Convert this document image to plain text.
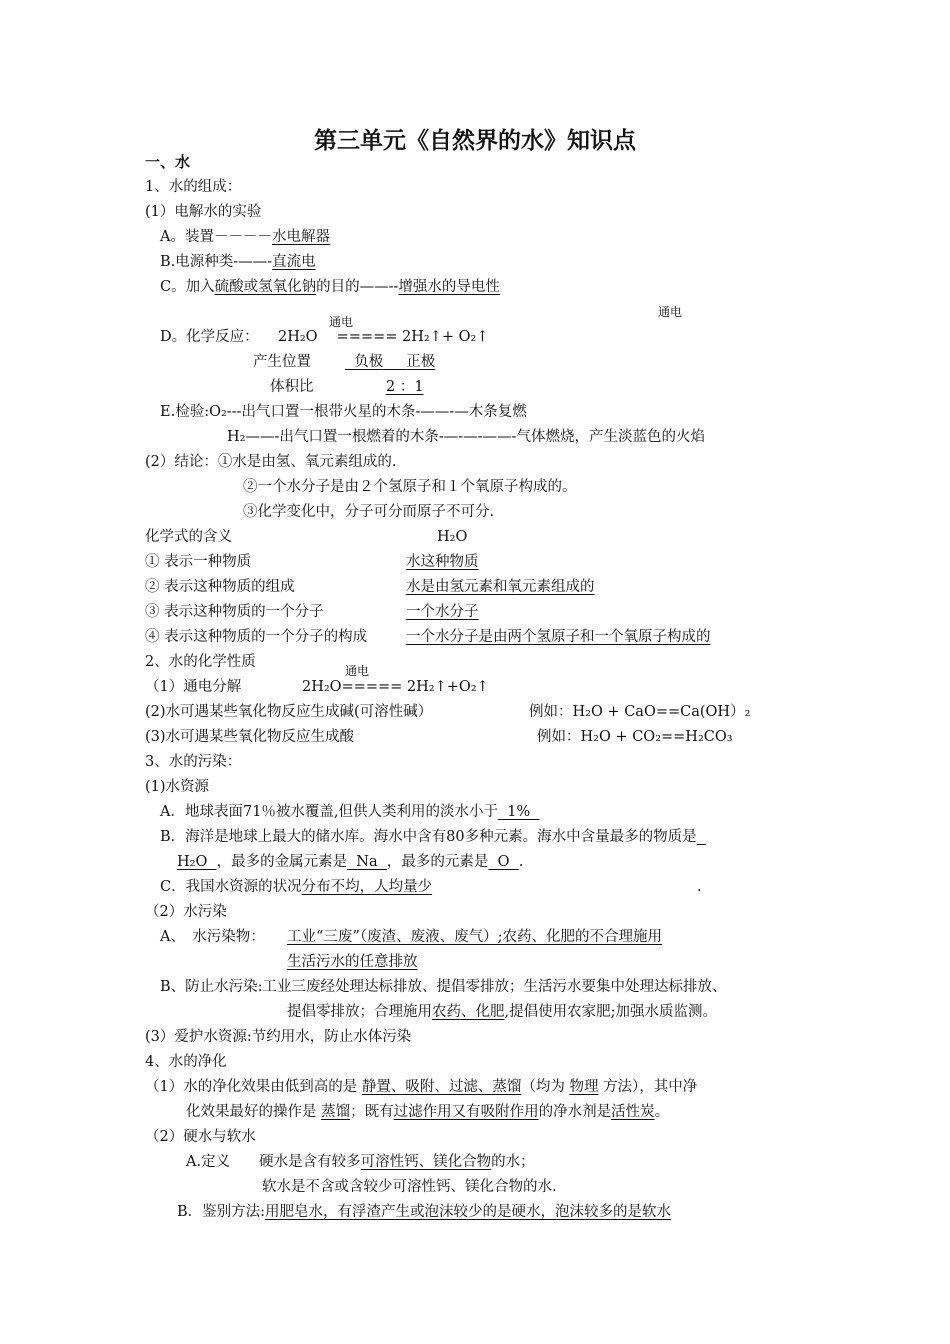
第三单元《自然界的水》知识点
一、水
1、水的组成：
(1）电解水的实验
A。装置－－－－水电解器
B.电源种类-——-直流电
C。加入硫酸或氢氧化钠的目的——--增强水的导电性
通电
通电
D。化学反应： 2H₂O　 ===== 2H₂↑+ O₂↑
产生位置	负极 正极
体积比	2 ：1
E.检验:O₂---出气口置一根带火星的木条-——-—木条复燃
H₂——-出气口置一根燃着的木条-—-—-——-气体燃烧，产生淡蓝色的火焰
(2）结论：①水是由氢、氧元素组成的.
②一个水分子是由２个氢原子和１个氧原子构成的。
③化学变化中，分子可分而原子不可分.
化学式的含义	H₂O
① 表示一种物质	水这种物质
② 表示这种物质的组成	水是由氢元素和氧元素组成的
③ 表示这种物质的一个分子	一个水分子
④ 表示这种物质的一个分子的构成	一个水分子是由两个氢原子和一个氧原子构成的
2、水的化学性质
通电
（1）通电分解	2H₂O===== 2H₂↑+O₂↑
(2)水可遇某些氧化物反应生成碱(可溶性碱）	例如：H₂O + CaO==Ca(OH）₂
(3)水可遇某些氧化物反应生成酸	例如：H₂O + CO₂==H₂CO₃
3、水的污染：
(1)水资源
A．地球表面71％被水覆盖,但供人类利用的淡水小于  1%
B．海洋是地球上最大的储水库。海水中含有80多种元素。海水中含量最多的物质是
H₂O  ，最多的金属元素是  Na  ，最多的元素是  O  .
C．我国水资源的状况分布不均，人均量少	.
（2）水污染
A、　水污染物： 工业“三废”（废渣、废液、废气）;农药、化肥的不合理施用
生活污水的任意排放
B、防止水污染:工业三废经处理达标排放、提倡零排放；生活污水要集中处理达标排放、
提倡零排放；合理施用农药、化肥,提倡使用农家肥;加强水质监测。
(3）爱护水资源:节约用水，防止水体污染
4、水的净化
（1）水的净化效果由低到高的是 静置、吸附、过滤、蒸馏（均为 物理 方法），其中净
化效果最好的操作是 蒸馏；既有过滤作用又有吸附作用的净水剂是活性炭。
（2）硬水与软水
A.定义　　硬水是含有较多可溶性钙、镁化合物的水；
软水是不含或含较少可溶性钙、镁化合物的水.
B．鉴别方法:用肥皂水，有浮渣产生或泡沫较少的是硬水，泡沫较多的是软水
